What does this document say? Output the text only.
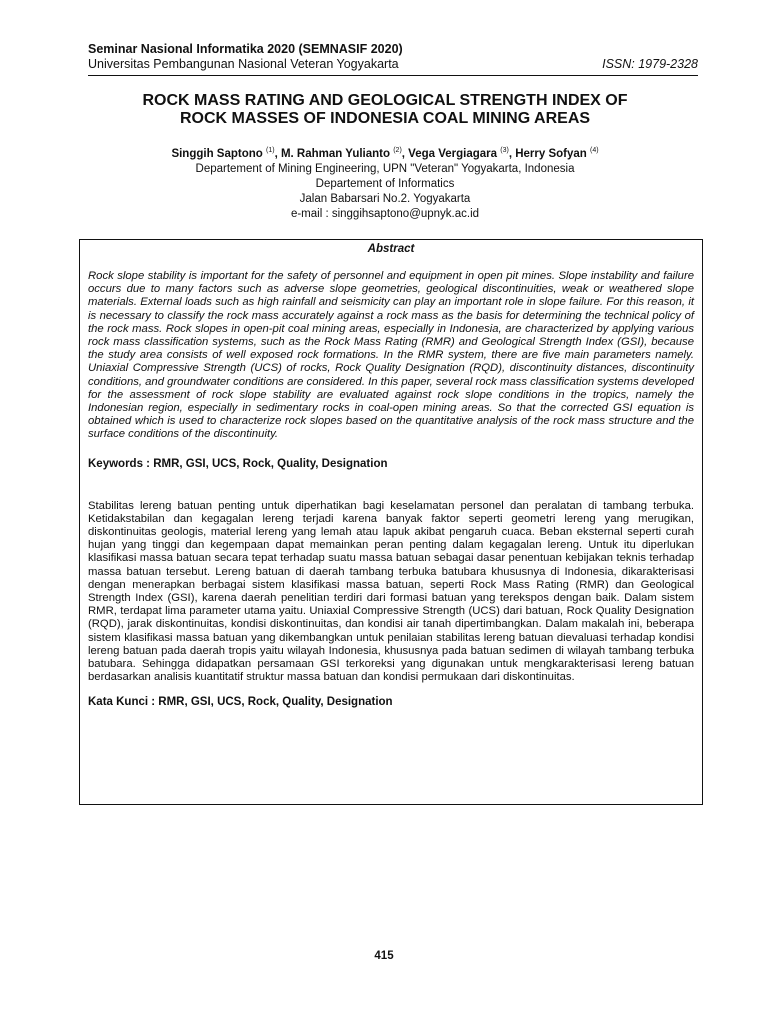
Seminar Nasional Informatika 2020 (SEMNASIF 2020)
Universitas Pembangunan Nasional Veteran Yogyakarta	ISSN: 1979-2328
ROCK MASS RATING AND GEOLOGICAL STRENGTH INDEX OF
ROCK MASSES OF INDONESIA COAL MINING AREAS
Singgih Saptono $^{(1)}$, M. Rahman Yulianto $^{(2)}$, Vega Vergiagara $^{(3)}$, Herry Sofyan $^{(4)}$
Departement of Mining Engineering, UPN "Veteran" Yogyakarta, Indonesia
Departement of Informatics
Jalan Babarsari No.2. Yogyakarta
e-mail : singgihsaptono@upnyk.ac.id
Abstract
Rock slope stability is important for the safety of personnel and equipment in open pit mines. Slope instability and failure occurs due to many factors such as adverse slope geometries, geological discontinuities, weak or weathered slope materials. External loads such as high rainfall and seismicity can play an important role in slope failure. For this reason, it is necessary to classify the rock mass accurately against a rock mass as the basis for determining the technical policy of the rock mass. Rock slopes in open-pit coal mining areas, especially in Indonesia, are characterized by applying various rock mass classification systems, such as the Rock Mass Rating (RMR) and Geological Strength Index (GSI), because the study area consists of well exposed rock formations. In the RMR system, there are five main parameters namely. Uniaxial Compressive Strength (UCS) of rocks, Rock Quality Designation (RQD), discontinuity distances, discontinuity conditions, and groundwater conditions are considered. In this paper, several rock mass classification systems developed for the assessment of rock slope stability are evaluated against rock slope conditions in the tropics, namely the Indonesian region, especially in sedimentary rocks in coal-open mining areas. So that the corrected GSI equation is obtained which is used to characterize rock slopes based on the quantitative analysis of the rock mass structure and the surface conditions of the discontinuity.
Keywords : RMR, GSI, UCS, Rock, Quality, Designation
Stabilitas lereng batuan penting untuk diperhatikan bagi keselamatan personel dan peralatan di tambang terbuka. Ketidakstabilan dan kegagalan lereng terjadi karena banyak faktor seperti geometri lereng yang merugikan, diskontinuitas geologis, material lereng yang lemah atau lapuk akibat pengaruh cuaca. Beban eksternal seperti curah hujan yang tinggi dan kegempaan dapat memainkan peran penting dalam kegagalan lereng. Untuk itu diperlukan klasifikasi massa batuan secara tepat terhadap suatu massa batuan sebagai dasar penentuan kebijakan teknis terhadap massa batuan tersebut. Lereng batuan di daerah tambang terbuka batubara khususnya di Indonesia, dikarakterisasi dengan menerapkan berbagai sistem klasifikasi massa batuan, seperti Rock Mass Rating (RMR) dan Geological Strength Index (GSI), karena daerah penelitian terdiri dari formasi batuan yang terekspos dengan baik. Dalam sistem RMR, terdapat lima parameter utama yaitu. Uniaxial Compressive Strength (UCS) dari batuan, Rock Quality Designation (RQD), jarak diskontinuitas, kondisi diskontinuitas, dan kondisi air tanah dipertimbangkan. Dalam makalah ini, beberapa sistem klasifikasi massa batuan yang dikembangkan untuk penilaian stabilitas lereng batuan dievaluasi terhadap kondisi lereng batuan pada daerah tropis yaitu wilayah Indonesia, khususnya pada batuan sedimen di wilayah tambang terbuka batubara. Sehingga didapatkan persamaan GSI terkoreksi yang digunakan untuk mengkarakterisasi lereng batuan berdasarkan analisis kuantitatif struktur massa batuan dan kondisi permukaan dari diskontinuitas.
Kata Kunci : RMR, GSI, UCS, Rock, Quality, Designation
415
